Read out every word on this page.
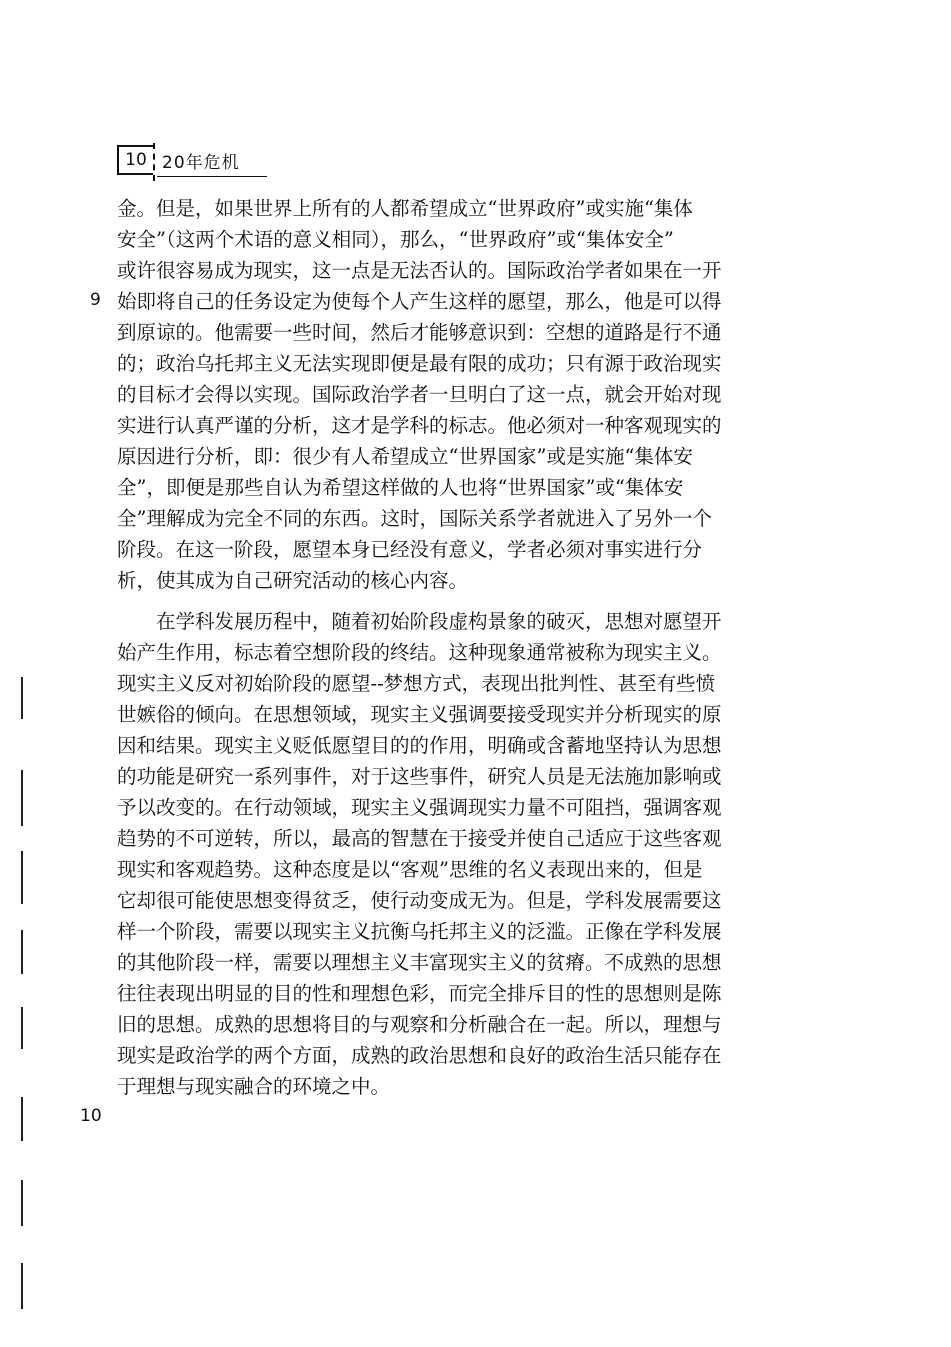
10 20年危机
9
10
金。但是，如果世界上所有的人都希望成立“世界政府”或实施“集体
安全”（这两个术语的意义相同），那么，“世界政府”或“集体安全”
或许很容易成为现实，这一点是无法否认的。国际政治学者如果在一开
始即将自己的任务设定为使每个人产生这样的愿望，那么，他是可以得
到原谅的。他需要一些时间，然后才能够意识到：空想的道路是行不通
的；政治乌托邦主义无法实现即便是最有限的成功；只有源于政治现实
的目标才会得以实现。国际政治学者一旦明白了这一点，就会开始对现
实进行认真严谨的分析，这才是学科的标志。他必须对一种客观现实的
原因进行分析，即：很少有人希望成立“世界国家”或是实施“集体安
全”，即便是那些自认为希望这样做的人也将“世界国家”或“集体安
全”理解成为完全不同的东西。这时，国际关系学者就进入了另外一个
阶段。在这一阶段，愿望本身已经没有意义，学者必须对事实进行分
析，使其成为自己研究活动的核心内容。
　　在学科发展历程中，随着初始阶段虚构景象的破灭，思想对愿望开
始产生作用，标志着空想阶段的终结。这种现象通常被称为现实主义。
现实主义反对初始阶段的愿望--梦想方式，表现出批判性、甚至有些愤
世嫉俗的倾向。在思想领域，现实主义强调要接受现实并分析现实的原
因和结果。现实主义贬低愿望目的的作用，明确或含蓄地坚持认为思想
的功能是研究一系列事件，对于这些事件，研究人员是无法施加影响或
予以改变的。在行动领域，现实主义强调现实力量不可阻挡，强调客观
趋势的不可逆转，所以，最高的智慧在于接受并使自己适应于这些客观
现实和客观趋势。这种态度是以“客观”思维的名义表现出来的，但是
它却很可能使思想变得贫乏，使行动变成无为。但是，学科发展需要这
样一个阶段，需要以现实主义抗衡乌托邦主义的泛滥。正像在学科发展
的其他阶段一样，需要以理想主义丰富现实主义的贫瘠。不成熟的思想
往往表现出明显的目的性和理想色彩，而完全排斥目的性的思想则是陈
旧的思想。成熟的思想将目的与观察和分析融合在一起。所以，理想与
现实是政治学的两个方面，成熟的政治思想和良好的政治生活只能存在
于理想与现实融合的环境之中。
